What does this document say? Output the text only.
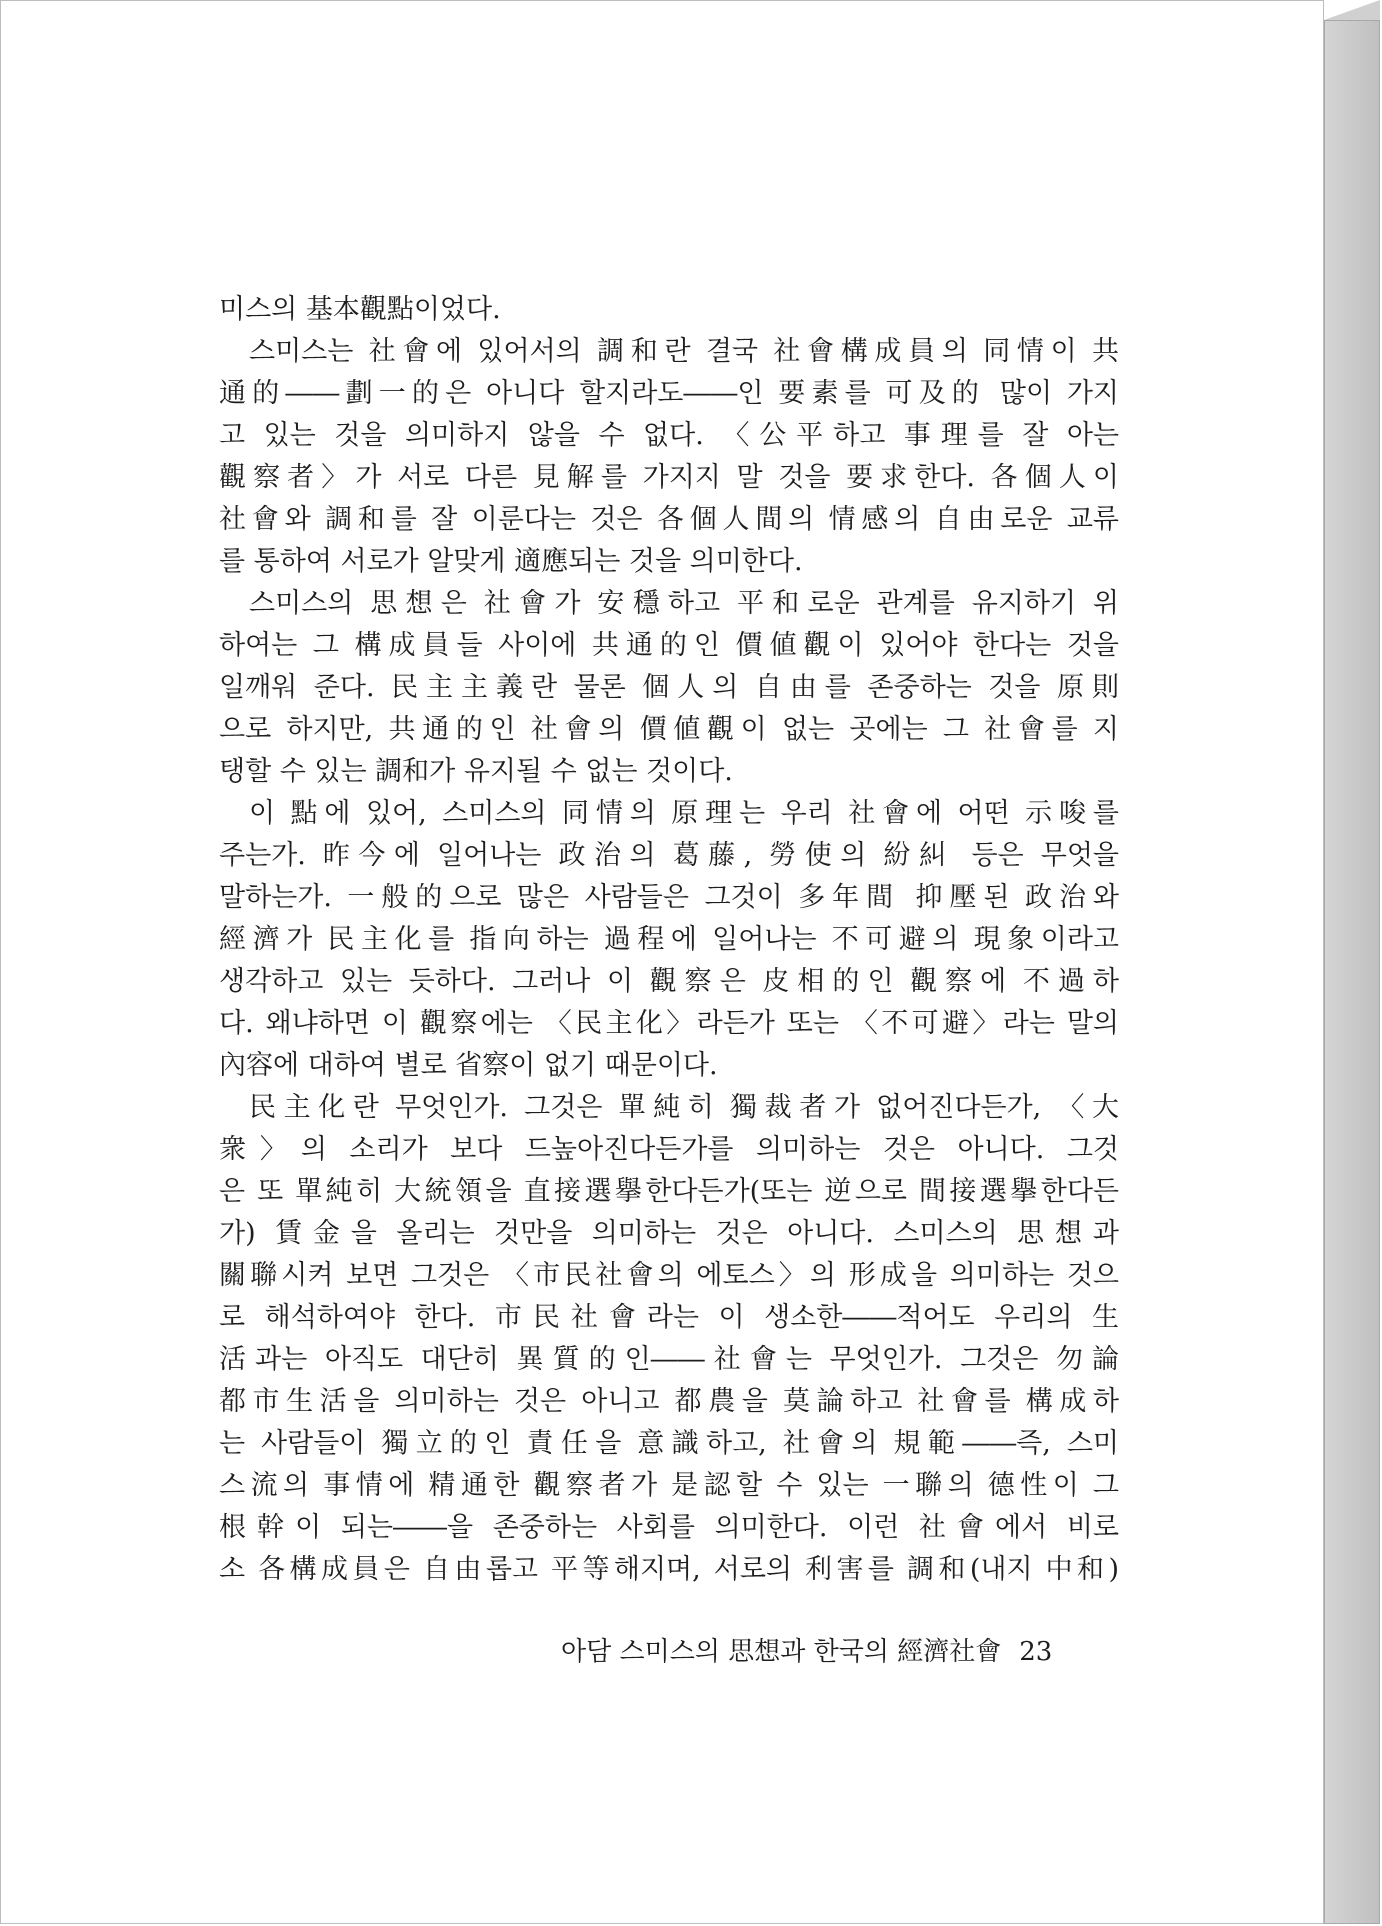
미스의 基本觀點이었다.
스미스는 社會에 있어서의 調和란 결국 社會構成員의 同情이 共
通的――劃一的은 아니다 할지라도――인 要素를 可及的 많이 가지
고 있는 것을 의미하지 않을 수 없다. 〈公平하고 事理를 잘 아는
觀察者〉가 서로 다른 見解를 가지지 말 것을 要求한다. 各個人이
社會와 調和를 잘 이룬다는 것은 各個人間의 情感의 自由로운 교류
를 통하여 서로가 알맞게 適應되는 것을 의미한다.
스미스의 思想은 社會가 安穩하고 平和로운 관계를 유지하기 위
하여는 그 構成員들 사이에 共通的인 價値觀이 있어야 한다는 것을
일깨워 준다. 民主主義란 물론 個人의 自由를 존중하는 것을 原則
으로 하지만, 共通的인 社會의 價値觀이 없는 곳에는 그 社會를 지
탱할 수 있는 調和가 유지될 수 없는 것이다.
이 點에 있어, 스미스의 同情의 原理는 우리 社會에 어떤 示唆를
주는가. 昨今에 일어나는 政治의 葛藤, 勞使의 紛糾 등은 무엇을
말하는가. 一般的으로 많은 사람들은 그것이 多年間 抑壓된 政治와
經濟가 民主化를 指向하는 過程에 일어나는 不可避의 現象이라고
생각하고 있는 듯하다. 그러나 이 觀察은 皮相的인 觀察에 不過하
다. 왜냐하면 이 觀察에는 〈民主化〉라든가 또는 〈不可避〉라는 말의
內容에 대하여 별로 省察이 없기 때문이다.
民主化란 무엇인가. 그것은 單純히 獨裁者가 없어진다든가, 〈大
衆〉의 소리가 보다 드높아진다든가를 의미하는 것은 아니다. 그것
은 또 單純히 大統領을 直接選擧한다든가(또는 逆으로 間接選擧한다든
가) 賃金을 올리는 것만을 의미하는 것은 아니다. 스미스의 思想과
關聯시켜 보면 그것은 〈市民社會의 에토스〉의 形成을 의미하는 것으
로 해석하여야 한다. 市民社會라는 이 생소한――적어도 우리의 生
活과는 아직도 대단히 異質的인――社會는 무엇인가. 그것은 勿論
都市生活을 의미하는 것은 아니고 都農을 莫論하고 社會를 構成하
는 사람들이 獨立的인 責任을 意識하고, 社會의 規範――즉, 스미
스流의 事情에 精通한 觀察者가 是認할 수 있는 一聯의 德性이 그
根幹이 되는――을 존중하는 사회를 의미한다. 이런 社會에서 비로
소 各構成員은 自由롭고 平等해지며, 서로의 利害를 調和(내지 中和)
아담 스미스의 思想과 한국의 經濟社會 23
